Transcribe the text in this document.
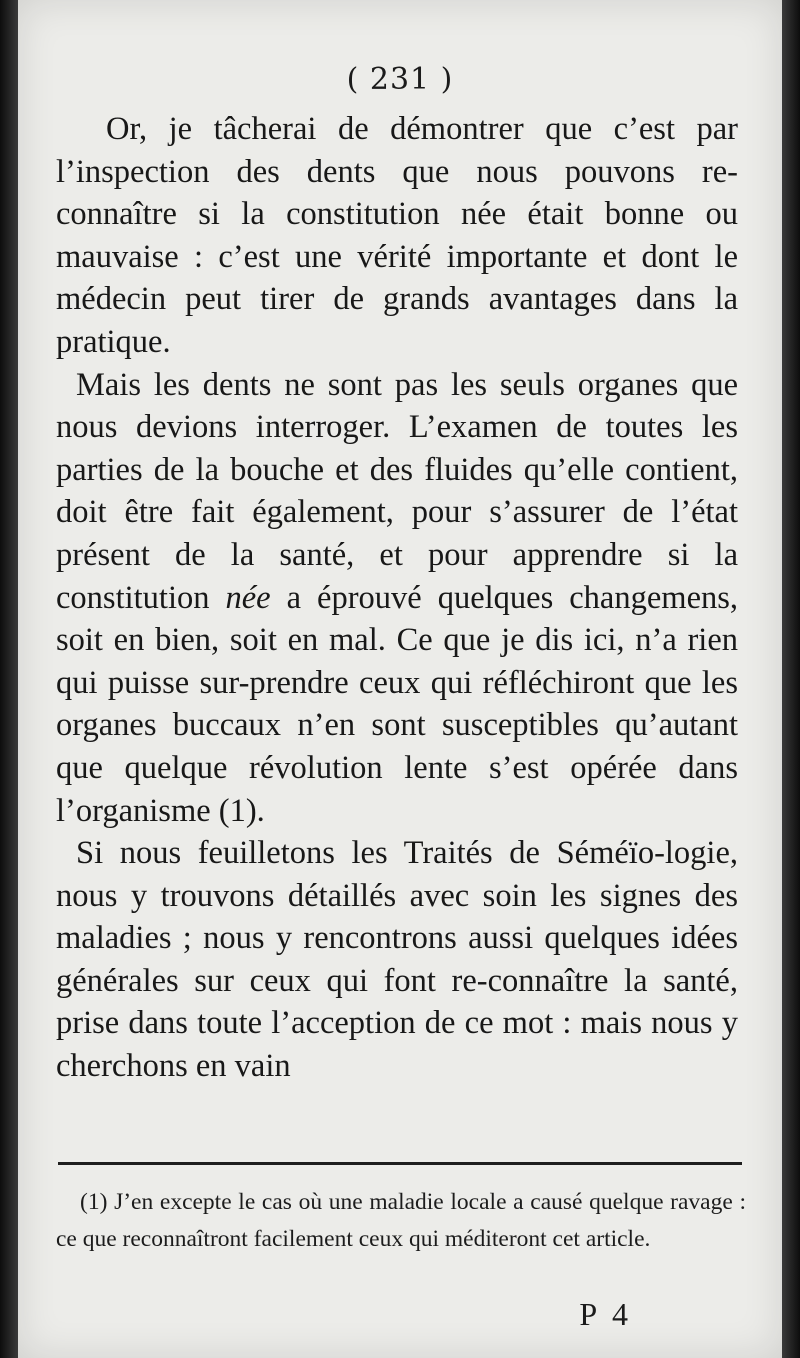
( 231 )

Or, je tâcherai de démontrer que c’est par l’inspection des dents que nous pouvons re-connaître si la constitution née était bonne ou mauvaise : c’est une vérité importante et dont le médecin peut tirer de grands avantages dans la pratique.

Mais les dents ne sont pas les seuls organes que nous devions interroger. L’examen de toutes les parties de la bouche et des fluides qu’elle contient, doit être fait également, pour s’assurer de l’état présent de la santé, et pour apprendre si la constitution née a éprouvé quelques changemens, soit en bien, soit en mal. Ce que je dis ici, n’a rien qui puisse sur-prendre ceux qui réfléchiront que les organes buccaux n’en sont susceptibles qu’autant que quelque révolution lente s’est opérée dans l’organisme (1).

Si nous feuilletons les Traités de Séméïo-logie, nous y trouvons détaillés avec soin les signes des maladies ; nous y rencontrons aussi quelques idées générales sur ceux qui font re-connaître la santé, prise dans toute l’acception de ce mot : mais nous y cherchons en vain

(1) J’en excepte le cas où une maladie locale a causé quelque ravage : ce que reconnaîtront facilement ceux qui méditeront cet article.

P 4
